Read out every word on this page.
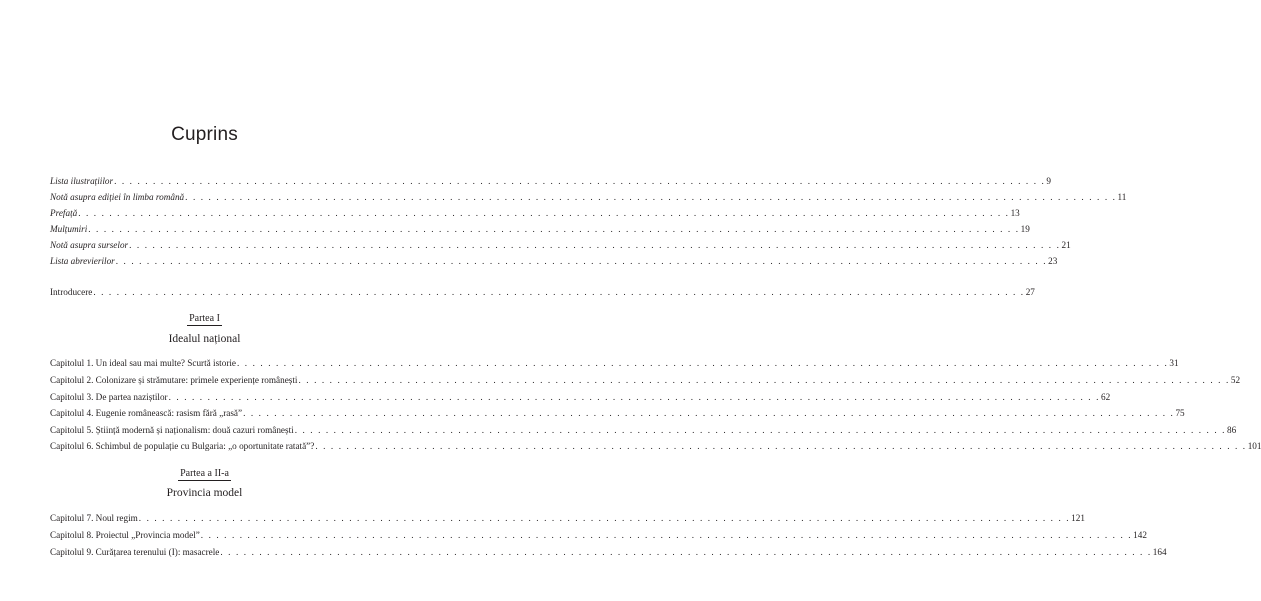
Cuprins
Lista ilustrațiilor . . . . . . . . . . . . . . . . . . . . . . . . . . . . . . . . . . . . . . . . . . . . . . . . . . . . . . . . . . . . . . . . . . . . . . . . . . . . . . . . . . . . . . . . . . . . . . . . . . . . . . . . . . . . . . . . . . . . . . . . 9
Notă asupra ediției în limba română . . . . . . . . . . . . . . . . . . . . . . . . . . . . . . . . . . . . . . . . . . . . . . . . . . . . . . . . . . . . . . . . . . . . . . . . . . . . . . . . . . . . . . . . . . . . . . . . . . . . . . . . . . . . . . . . . . . . . . . . 11
Prefață . . . . . . . . . . . . . . . . . . . . . . . . . . . . . . . . . . . . . . . . . . . . . . . . . . . . . . . . . . . . . . . . . . . . . . . . . . . . . . . . . . . . . . . . . . . . . . . . . . . . . . . . . . . . . . . . . . . . . . . . 13
Mulțumiri . . . . . . . . . . . . . . . . . . . . . . . . . . . . . . . . . . . . . . . . . . . . . . . . . . . . . . . . . . . . . . . . . . . . . . . . . . . . . . . . . . . . . . . . . . . . . . . . . . . . . . . . . . . . . . . . . . . . . . . . 19
Notă asupra surselor . . . . . . . . . . . . . . . . . . . . . . . . . . . . . . . . . . . . . . . . . . . . . . . . . . . . . . . . . . . . . . . . . . . . . . . . . . . . . . . . . . . . . . . . . . . . . . . . . . . . . . . . . . . . . . . . . . . . . . . . 21
Lista abrevierilor . . . . . . . . . . . . . . . . . . . . . . . . . . . . . . . . . . . . . . . . . . . . . . . . . . . . . . . . . . . . . . . . . . . . . . . . . . . . . . . . . . . . . . . . . . . . . . . . . . . . . . . . . . . . . . . . . . . . . . . . 23
Introducere . . . . . . . . . . . . . . . . . . . . . . . . . . . . . . . . . . . . . . . . . . . . . . . . . . . . . . . . . . . . . . . . . . . . . . . . . . . . . . . . . . . . . . . . . . . . . . . . . . . . . . . . . . . . . . . . . . . . . . . . 27
Partea I
Idealul național
Capitolul 1. Un ideal sau mai multe? Scurtă istorie . . . . . . . . . . . . . . . . . . . . . . . . . . . . . . . . . . . . . . . . . . . . . . . . . . . . . . . . . . . . . . . . . . . . . . . . . . . . . . . . . . . . . . . . . . . . . . . . . . . . . . . . . . . . . . . . . . . . . . . . 31
Capitolul 2. Colonizare și strămutare: primele experiențe românești . . . . . . . . . . . . . . . . . . . . . . . . . . . . . . . . . . . . . . . . . . . . . . . . . . . . . . . . . . . . . . . . . . . . . . . . . . . . . . . . . . . . . . . . . . . . . . . . . . . . . . . . . . . . . . . . . . . . . . . . 52
Capitolul 3. De partea naziștilor . . . . . . . . . . . . . . . . . . . . . . . . . . . . . . . . . . . . . . . . . . . . . . . . . . . . . . . . . . . . . . . . . . . . . . . . . . . . . . . . . . . . . . . . . . . . . . . . . . . . . . . . . . . . . . . . . . . . . . . . 62
Capitolul 4. Eugenie românească: rasism fără „rasă” . . . . . . . . . . . . . . . . . . . . . . . . . . . . . . . . . . . . . . . . . . . . . . . . . . . . . . . . . . . . . . . . . . . . . . . . . . . . . . . . . . . . . . . . . . . . . . . . . . . . . . . . . . . . . . . . . . . . . . . . 75
Capitolul 5. Știință modernă și naționalism: două cazuri românești . . . . . . . . . . . . . . . . . . . . . . . . . . . . . . . . . . . . . . . . . . . . . . . . . . . . . . . . . . . . . . . . . . . . . . . . . . . . . . . . . . . . . . . . . . . . . . . . . . . . . . . . . . . . . . . . . . . . . . . . 86
Capitolul 6. Schimbul de populație cu Bulgaria: „o oportunitate ratată”? . . . . . . . . . . . . . . . . . . . . . . . . . . . . . . . . . . . . . . . . . . . . . . . . . . . . . . . . . . . . . . . . . . . . . . . . . . . . . . . . . . . . . . . . . . . . . . . . . . . . . . . . . . . . . . . . . . . . . . . . 101
Partea a II-a
Provincia model
Capitolul 7. Noul regim . . . . . . . . . . . . . . . . . . . . . . . . . . . . . . . . . . . . . . . . . . . . . . . . . . . . . . . . . . . . . . . . . . . . . . . . . . . . . . . . . . . . . . . . . . . . . . . . . . . . . . . . . . . . . . . . . . . . . . . . 121
Capitolul 8. Proiectul „Provincia model” . . . . . . . . . . . . . . . . . . . . . . . . . . . . . . . . . . . . . . . . . . . . . . . . . . . . . . . . . . . . . . . . . . . . . . . . . . . . . . . . . . . . . . . . . . . . . . . . . . . . . . . . . . . . . . . . . . . . . . . . 142
Capitolul 9. Curățarea terenului (I): masacrele . . . . . . . . . . . . . . . . . . . . . . . . . . . . . . . . . . . . . . . . . . . . . . . . . . . . . . . . . . . . . . . . . . . . . . . . . . . . . . . . . . . . . . . . . . . . . . . . . . . . . . . . . . . . . . . . . . . . . . . . 164
